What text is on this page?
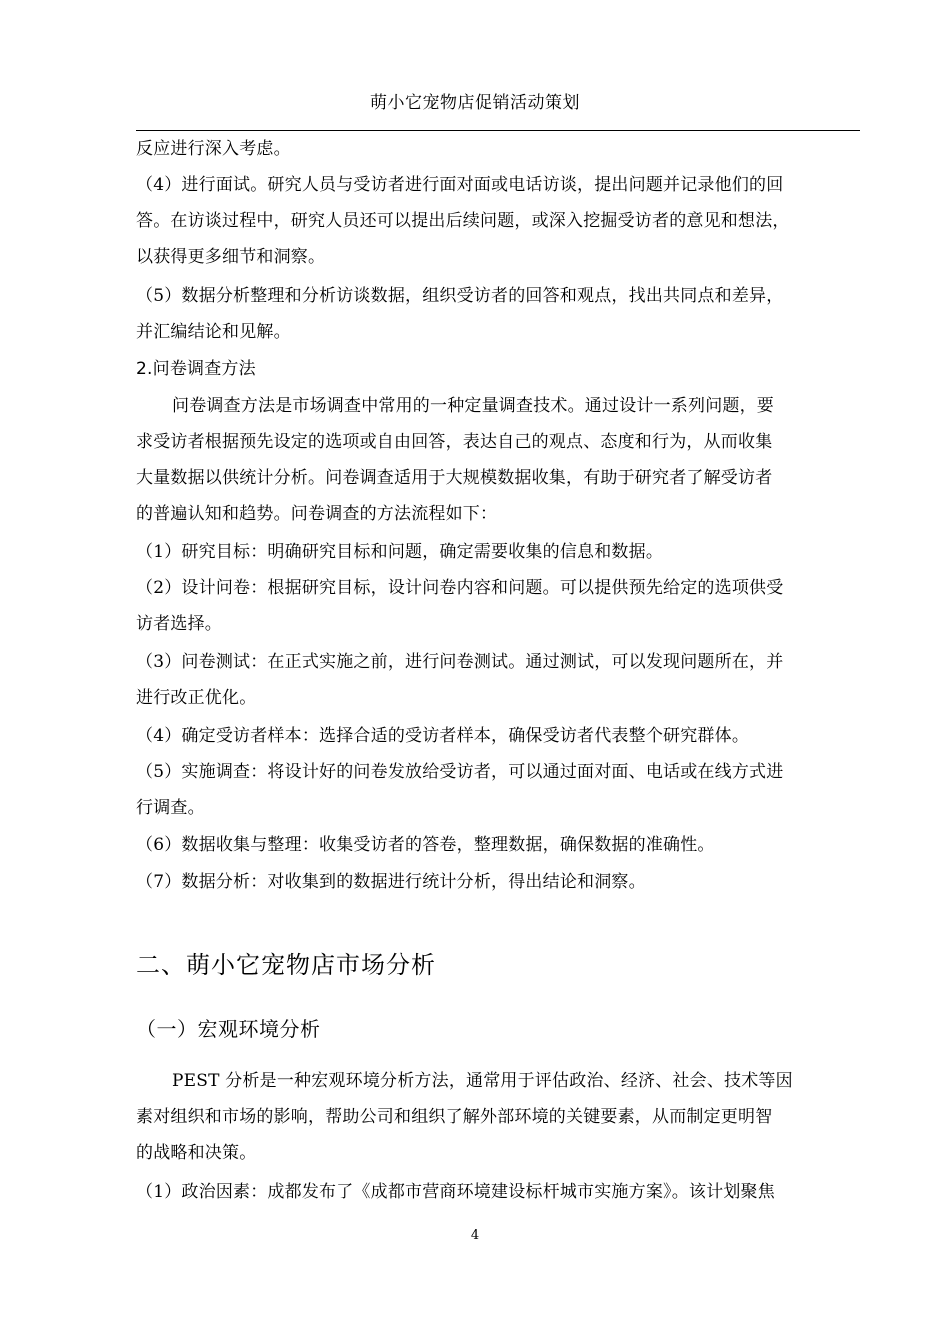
萌小它宠物店促销活动策划
反应进行深入考虑。
（4）进行面试。研究人员与受访者进行面对面或电话访谈，提出问题并记录他们的回
答。在访谈过程中，研究人员还可以提出后续问题，或深入挖掘受访者的意见和想法，
以获得更多细节和洞察。
（5）数据分析整理和分析访谈数据，组织受访者的回答和观点，找出共同点和差异，
并汇编结论和见解。
2.问卷调查方法
问卷调查方法是市场调查中常用的一种定量调查技术。通过设计一系列问题，要
求受访者根据预先设定的选项或自由回答，表达自己的观点、态度和行为，从而收集
大量数据以供统计分析。问卷调查适用于大规模数据收集，有助于研究者了解受访者
的普遍认知和趋势。问卷调查的方法流程如下：
（1）研究目标：明确研究目标和问题，确定需要收集的信息和数据。
（2）设计问卷：根据研究目标，设计问卷内容和问题。可以提供预先给定的选项供受
访者选择。
（3）问卷测试：在正式实施之前，进行问卷测试。通过测试，可以发现问题所在，并
进行改正优化。
（4）确定受访者样本：选择合适的受访者样本，确保受访者代表整个研究群体。
（5）实施调查：将设计好的问卷发放给受访者，可以通过面对面、电话或在线方式进
行调查。
（6）数据收集与整理：收集受访者的答卷，整理数据，确保数据的准确性。
（7）数据分析：对收集到的数据进行统计分析，得出结论和洞察。
二、萌小它宠物店市场分析
（一）宏观环境分析
PEST 分析是一种宏观环境分析方法，通常用于评估政治、经济、社会、技术等因
素对组织和市场的影响，帮助公司和组织了解外部环境的关键要素，从而制定更明智
的战略和决策。
（1）政治因素：成都发布了《成都市营商环境建设标杆城市实施方案》。该计划聚焦
4
